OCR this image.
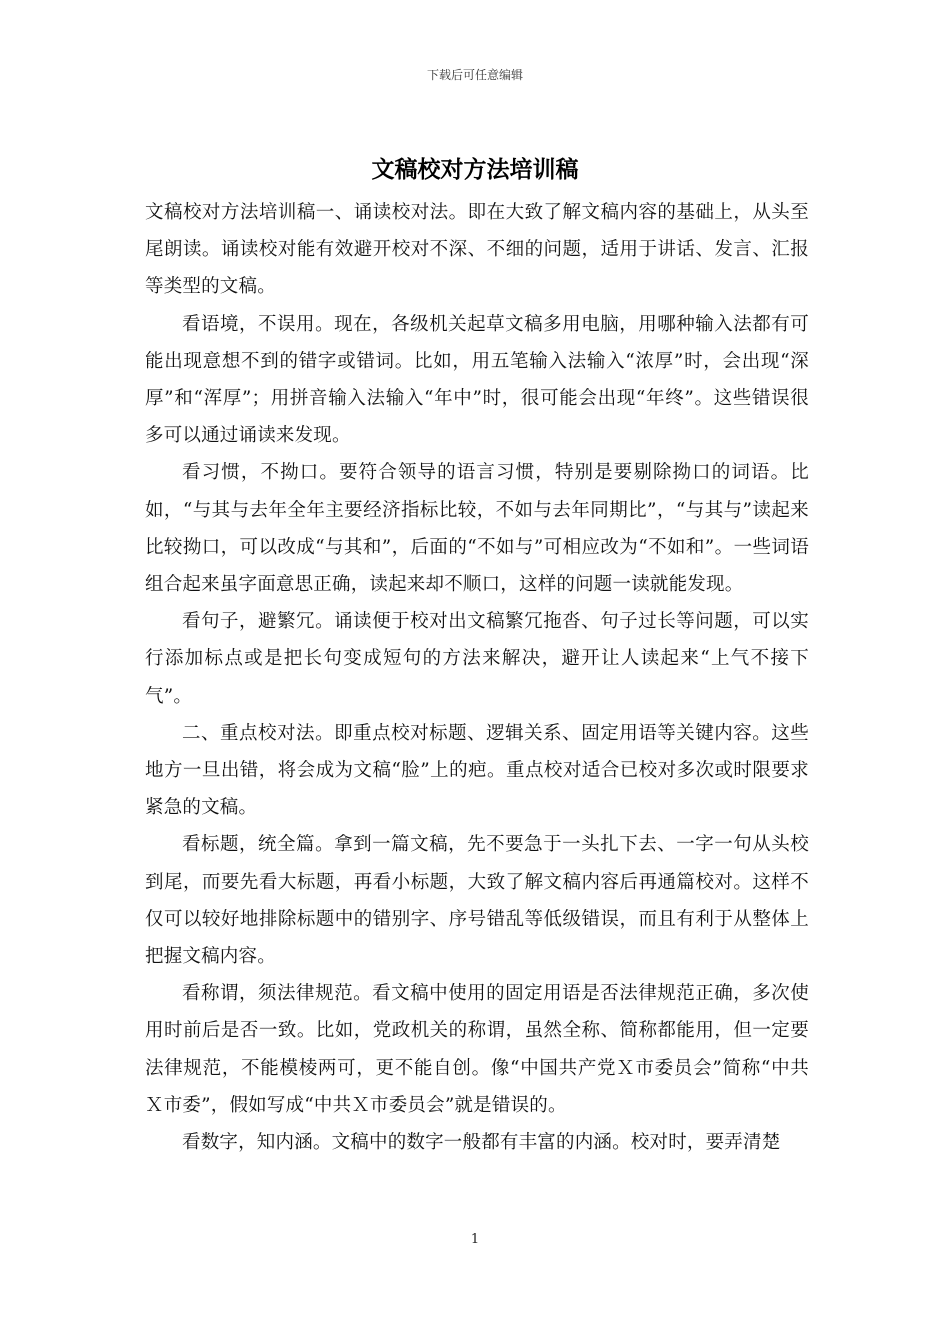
下载后可任意编辑
文稿校对方法培训稿

文稿校对方法培训稿一、诵读校对法。即在大致了解文稿内容的基础上，从头至尾朗读。诵读校对能有效避开校对不深、不细的问题，适用于讲话、发言、汇报等类型的文稿。

看语境，不误用。现在，各级机关起草文稿多用电脑，用哪种输入法都有可能出现意想不到的错字或错词。比如，用五笔输入法输入“浓厚”时，会出现“深厚”和“浑厚”；用拼音输入法输入“年中”时，很可能会出现“年终”。这些错误很多可以通过诵读来发现。

看习惯，不拗口。要符合领导的语言习惯，特别是要剔除拗口的词语。比如，“与其与去年全年主要经济指标比较，不如与去年同期比”，“与其与”读起来比较拗口，可以改成“与其和”，后面的“不如与”可相应改为“不如和”。一些词语组合起来虽字面意思正确，读起来却不顺口，这样的问题一读就能发现。

看句子，避繁冗。诵读便于校对出文稿繁冗拖沓、句子过长等问题，可以实行添加标点或是把长句变成短句的方法来解决，避开让人读起来“上气不接下气”。

二、重点校对法。即重点校对标题、逻辑关系、固定用语等关键内容。这些地方一旦出错，将会成为文稿“脸”上的疤。重点校对适合已校对多次或时限要求紧急的文稿。

看标题，统全篇。拿到一篇文稿，先不要急于一头扎下去、一字一句从头校到尾，而要先看大标题，再看小标题，大致了解文稿内容后再通篇校对。这样不仅可以较好地排除标题中的错别字、序号错乱等低级错误，而且有利于从整体上把握文稿内容。

看称谓，须法律规范。看文稿中使用的固定用语是否法律规范正确，多次使用时前后是否一致。比如，党政机关的称谓，虽然全称、简称都能用，但一定要法律规范，不能模棱两可，更不能自创。像“中国共产党Ｘ市委员会”简称“中共Ｘ市委”，假如写成“中共Ｘ市委员会”就是错误的。

看数字，知内涵。文稿中的数字一般都有丰富的内涵。校对时，要弄清楚

1
